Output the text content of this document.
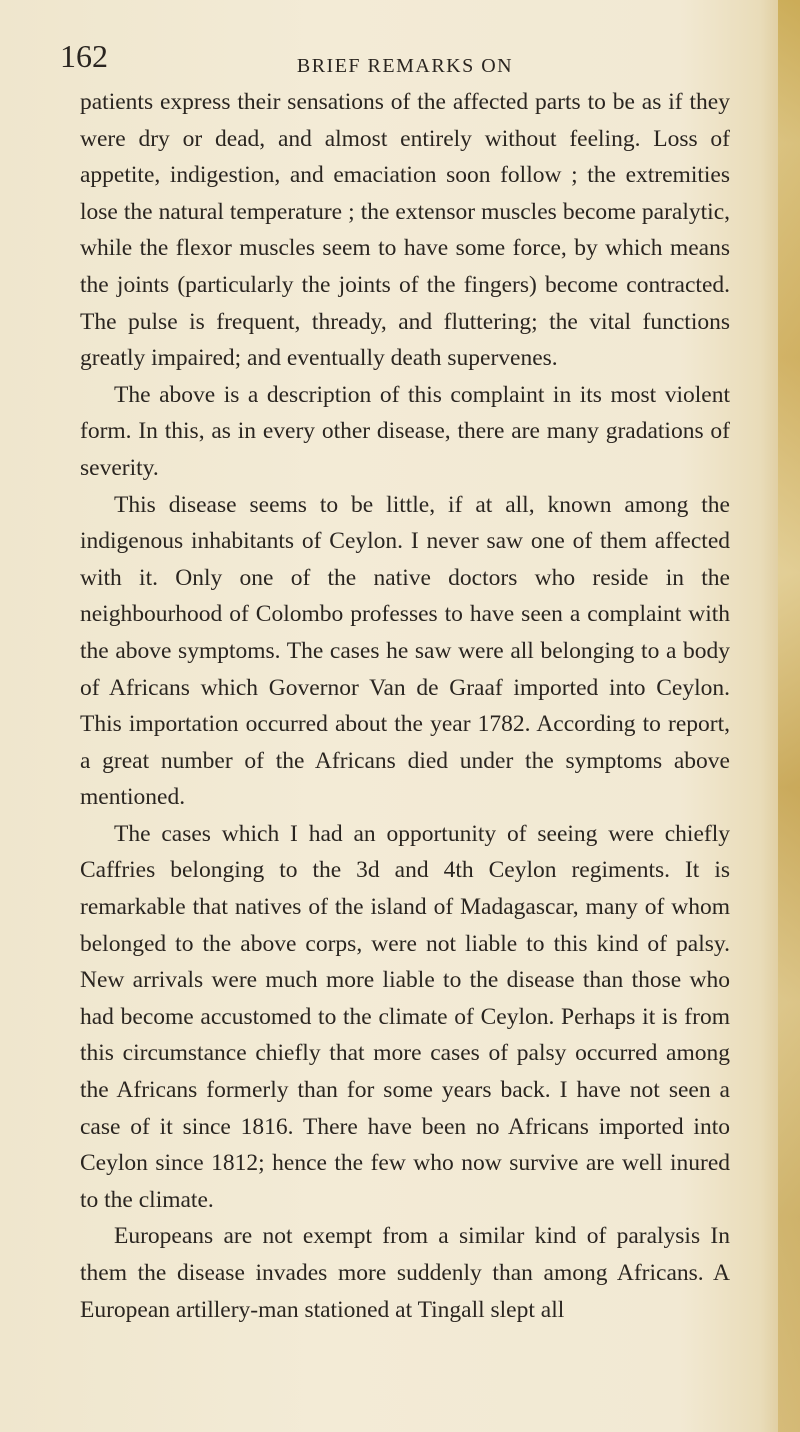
162	BRIEF REMARKS ON

patients express their sensations of the affected parts to be as if they were dry or dead, and almost entirely without feeling. Loss of appetite, indigestion, and emaciation soon follow ; the extremities lose the natural temperature ; the extensor muscles become paralytic, while the flexor muscles seem to have some force, by which means the joints (particularly the joints of the fingers) become contracted. The pulse is frequent, thready, and fluttering; the vital functions greatly impaired; and eventually death supervenes.

The above is a description of this complaint in its most violent form. In this, as in every other disease, there are many gradations of severity.

This disease seems to be little, if at all, known among the indigenous inhabitants of Ceylon. I never saw one of them affected with it. Only one of the native doctors who reside in the neighbourhood of Colombo professes to have seen a complaint with the above symptoms. The cases he saw were all belonging to a body of Africans which Governor Van de Graaf imported into Ceylon. This importation occurred about the year 1782. According to report, a great number of the Africans died under the symptoms above mentioned.

The cases which I had an opportunity of seeing were chiefly Caffries belonging to the 3d and 4th Ceylon regiments. It is remarkable that natives of the island of Madagascar, many of whom belonged to the above corps, were not liable to this kind of palsy. New arrivals were much more liable to the disease than those who had become accustomed to the climate of Ceylon. Perhaps it is from this circumstance chiefly that more cases of palsy occurred among the Africans formerly than for some years back. I have not seen a case of it since 1816. There have been no Africans imported into Ceylon since 1812; hence the few who now survive are well inured to the climate.

Europeans are not exempt from a similar kind of paralysis In them the disease invades more suddenly than among Africans. A European artillery-man stationed at Tingall slept all
